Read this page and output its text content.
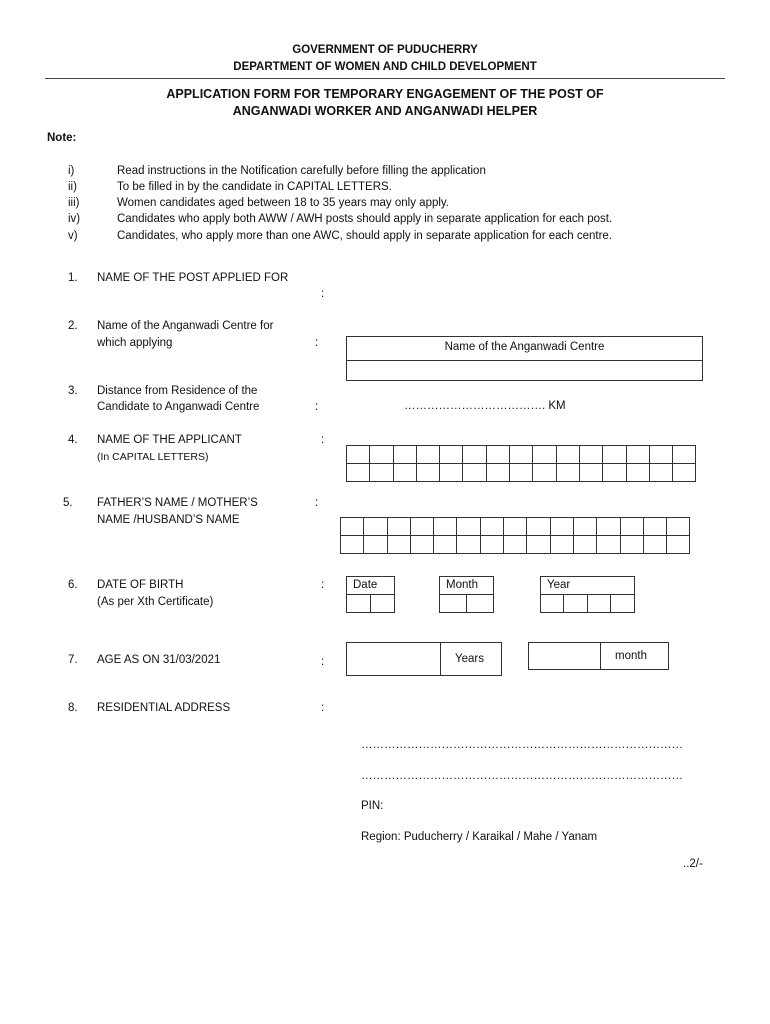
GOVERNMENT OF PUDUCHERRY
DEPARTMENT OF WOMEN AND CHILD DEVELOPMENT
APPLICATION FORM FOR TEMPORARY ENGAGEMENT OF THE POST OF
ANGANWADI WORKER AND ANGANWADI HELPER
Note:
i)	Read instructions in the Notification carefully before filling the application
ii)	To be filled in by the candidate in CAPITAL LETTERS.
iii)	Women candidates aged between 18 to 35 years may only apply.
iv)	Candidates who apply both AWW / AWH posts should apply in separate application for each post.
v)	Candidates, who apply more than one AWC, should apply in separate application for each centre.
1. NAME OF THE POST APPLIED FOR
:
2. Name of the Anganwadi Centre for
which applying	:	Name of the Anganwadi Centre
3. Distance from Residence of the
Candidate to Anganwadi Centre	:	………………………………. KM
4. NAME OF THE APPLICANT
(In CAPITAL LETTERS)
:
5. FATHER’S NAME / MOTHER’S
NAME /HUSBAND’S NAME
:
6. DATE OF BIRTH
(As per Xth Certificate)
:	Date	Month	Year
7. AGE AS ON 31/03/2021	:	Years	month
8. RESIDENTIAL ADDRESS	:
…………………………………………………………………………
…………………………………………………………………………
PIN:
Region: Puducherry / Karaikal / Mahe / Yanam
..2/-
